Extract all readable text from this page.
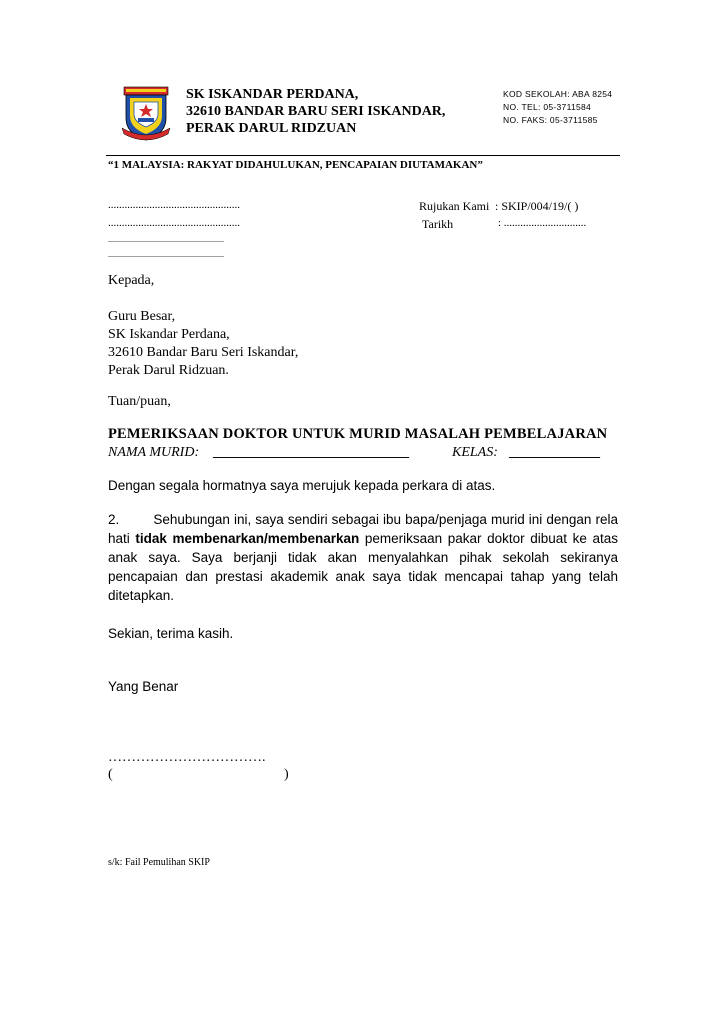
SK ISKANDAR PERDANA,
32610 BANDAR BARU SERI ISKANDAR,
PERAK DARUL RIDZUAN
KOD SEKOLAH: ABA 8254
NO. TEL: 05-3711584
NO. FAKS: 05-3711585
“1 MALAYSIA: RAKYAT DIDAHULUKAN, PENCAPAIAN DIUTAMAKAN”
................................................
................................................
..........................................................
..........................................................
Rujukan Kami : SKIP/004/19/( )
Tarikh	: ..............................
Kepada,
Guru Besar,
SK Iskandar Perdana,
32610 Bandar Baru Seri Iskandar,
Perak Darul Ridzuan.
Tuan/puan,
PEMERIKSAAN DOKTOR UNTUK MURID MASALAH PEMBELAJARAN
NAMA MURID: ____________________________	KELAS: _____________
Dengan segala hormatnya saya merujuk kepada perkara di atas.
2.	Sehubungan ini, saya sendiri sebagai ibu bapa/penjaga murid ini dengan rela hati tidak membenarkan/membenarkan pemeriksaan pakar doktor dibuat ke atas anak saya. Saya berjanji tidak akan menyalahkan pihak sekolah sekiranya pencapaian dan prestasi akademik anak saya tidak mencapai tahap yang telah ditetapkan.
Sekian, terima kasih.
Yang Benar
…………………………….
(	)
s/k: Fail Pemulihan SKIP
